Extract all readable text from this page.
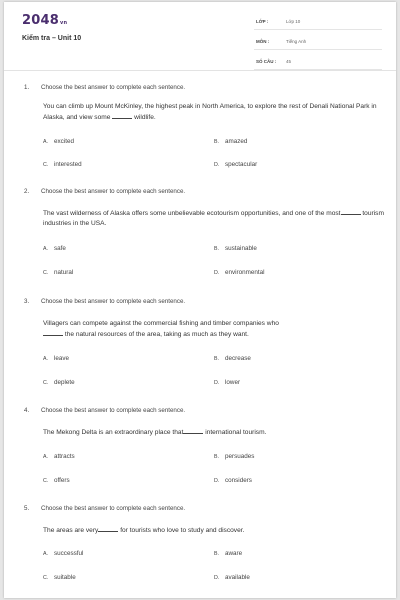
2048vn
Kiểm tra – Unit 10
LỚP :	Lớp 10
MÔN :	Tiếng Anh
SỐ CÂU : 45
1. Choose the best answer to complete each sentence.
You can climb up Mount McKinley, the highest peak in North America, to explore the rest of Denali National Park in Alaska, and view some	wildlife.
A. excited	B. amazed
C. interested	D. spectacular
2. Choose the best answer to complete each sentence.
The vast wilderness of Alaska offers some unbelievable ecotourism opportunities, and one of the most	tourism industries in the USA.
A. safe	B. sustainable
C. natural	D. environmental
3. Choose the best answer to complete each sentence.
Villagers can compete against the commercial fishing and timber companies who
the natural resources of the area, taking as much as they want.
A. leave	B. decrease
C. deplete	D. lower
4. Choose the best answer to complete each sentence.
The Mekong Delta is an extraordinary place that	international tourism.
A. attracts	B. persuades
C. offers	D. considers
5. Choose the best answer to complete each sentence.
The areas are very	for tourists who love to study and discover.
A. successful	B. aware
C. suitable	D. available
